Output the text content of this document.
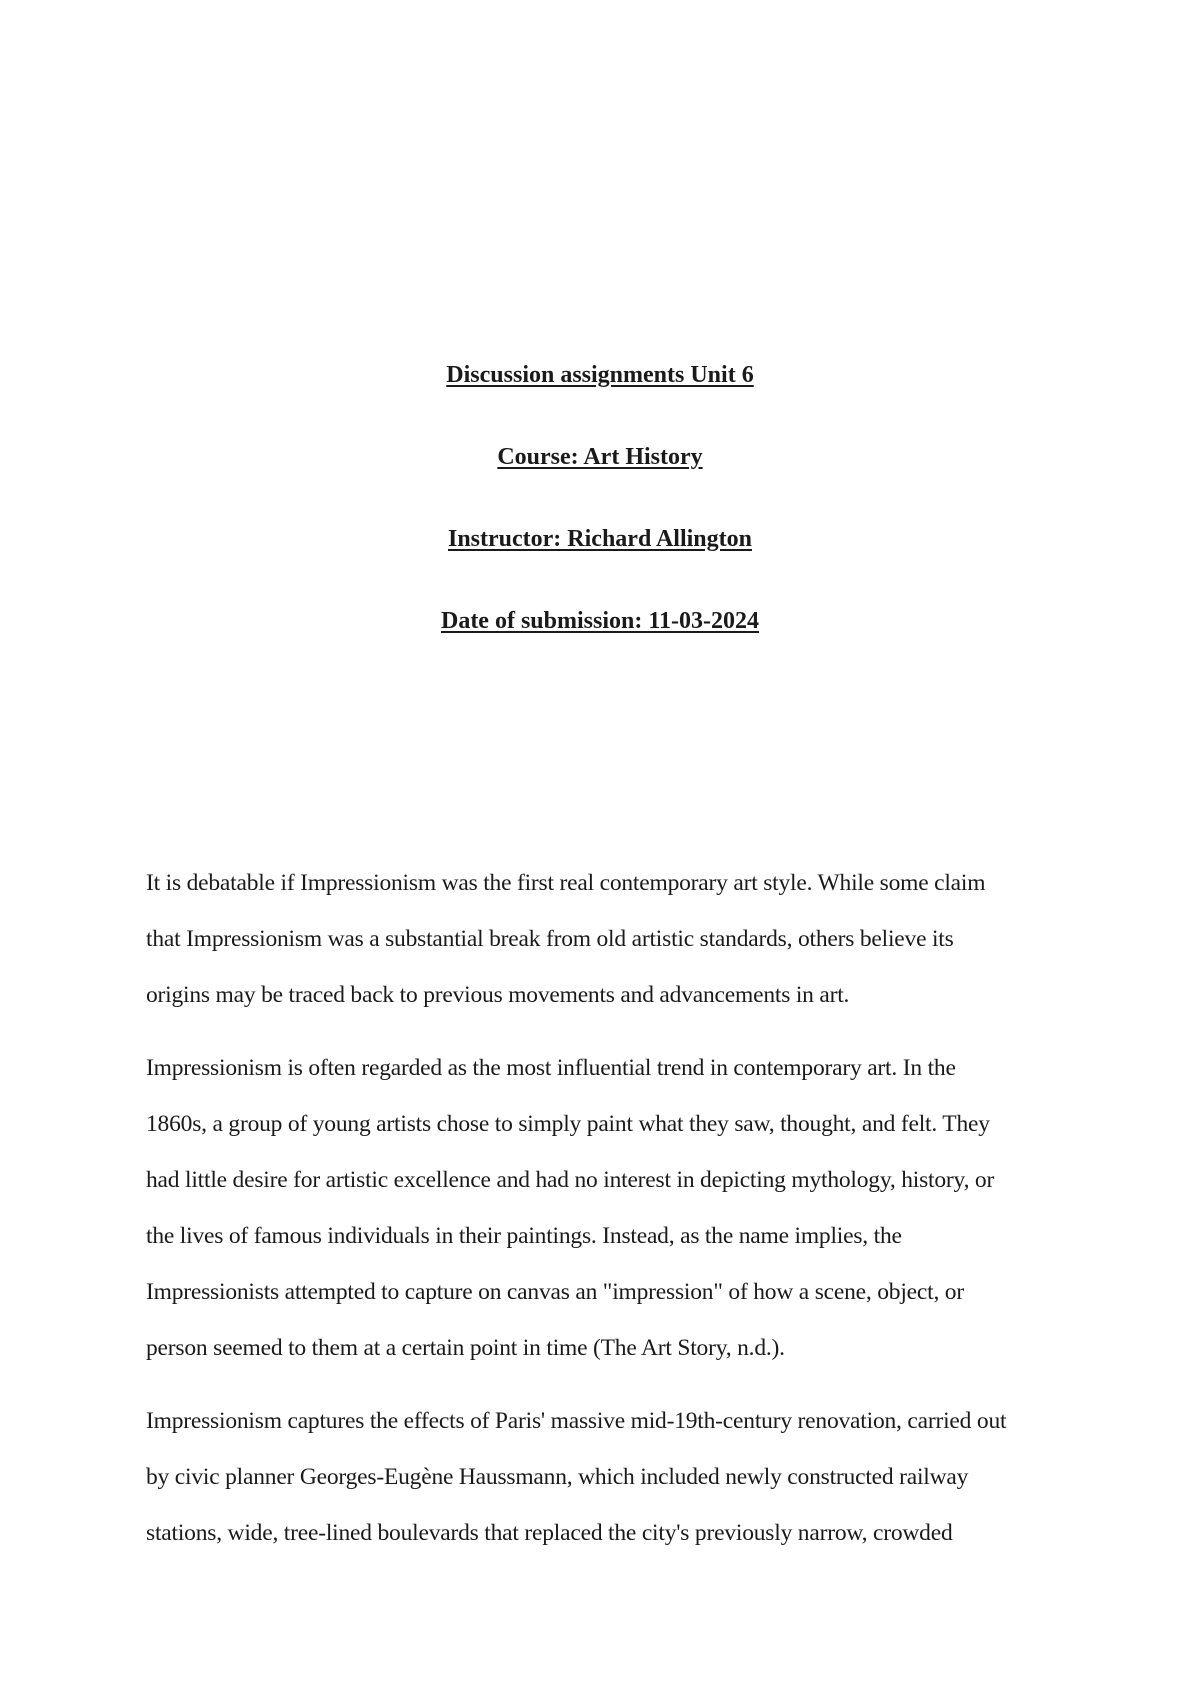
Discussion assignments Unit 6

Course: Art History

Instructor: Richard Allington

Date of submission: 11-03-2024

It is debatable if Impressionism was the first real contemporary art style. While some claim
that Impressionism was a substantial break from old artistic standards, others believe its
origins may be traced back to previous movements and advancements in art.

Impressionism is often regarded as the most influential trend in contemporary art. In the
1860s, a group of young artists chose to simply paint what they saw, thought, and felt. They
had little desire for artistic excellence and had no interest in depicting mythology, history, or
the lives of famous individuals in their paintings. Instead, as the name implies, the
Impressionists attempted to capture on canvas an "impression" of how a scene, object, or
person seemed to them at a certain point in time (The Art Story, n.d.).

Impressionism captures the effects of Paris' massive mid-19th-century renovation, carried out
by civic planner Georges-Eugène Haussmann, which included newly constructed railway
stations, wide, tree-lined boulevards that replaced the city's previously narrow, crowded
